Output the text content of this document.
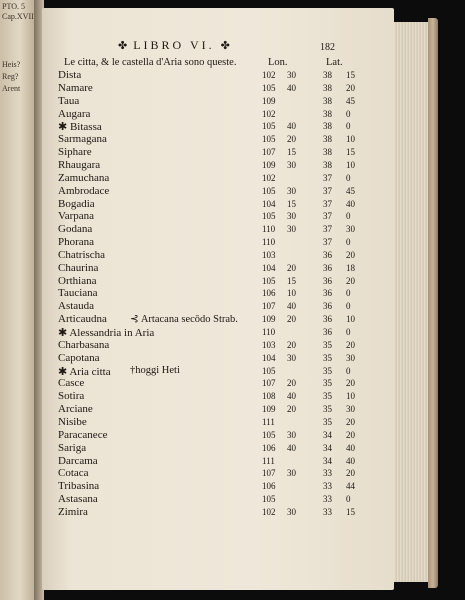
PTO. 5
Cap.XVII
Heis?
Reg?
Arent
✤ LIBRO VI. ✤	182
Le citta, & le castella d'Aria sono queste.	Lon.	Lat.
Dista	102 30	38 15
Namare	105 40	38 20
Taua	109	38 45
Augara	102	38 0
✱ Bitassa	105 40	38 0
Sarmagana	105 20	38 10
Siphare	107 15	38 15
Rhaugara	109 30	38 10
Zamuchana	102	37 0
Ambrodace	105 30	37 45
Bogadia	104 15	37 40
Varpana	105 30	37 0
Godana	110 30	37 30
Phorana	110	37 0
Chatrischa	103	36 20
Chaurina	104 20	36 18
Orthiana	105 15	36 20
Tauciana	106 10	36 0
Astauda	107 40	36 0
Articaudna ⊰ Artacana secōdo Strab.	109 20	36 10
✱ Alessandria in Aria	110	36 0
Charbasana	103 20	35 20
Capotana	104 30	35 30
✱ Aria citta †hoggi Heti	105	35 0
Casce	107 20	35 20
Sotira	108 40	35 10
Arciane	109 20	35 30
Nisibe	111	35 20
Paracanece	105 30	34 20
Sariga	106 40	34 40
Darcama	111	34 40
Cotaca	107 30	33 20
Tribasina	106	33 44
Astasana	105	33 0
Zimira	102 30	33 15
